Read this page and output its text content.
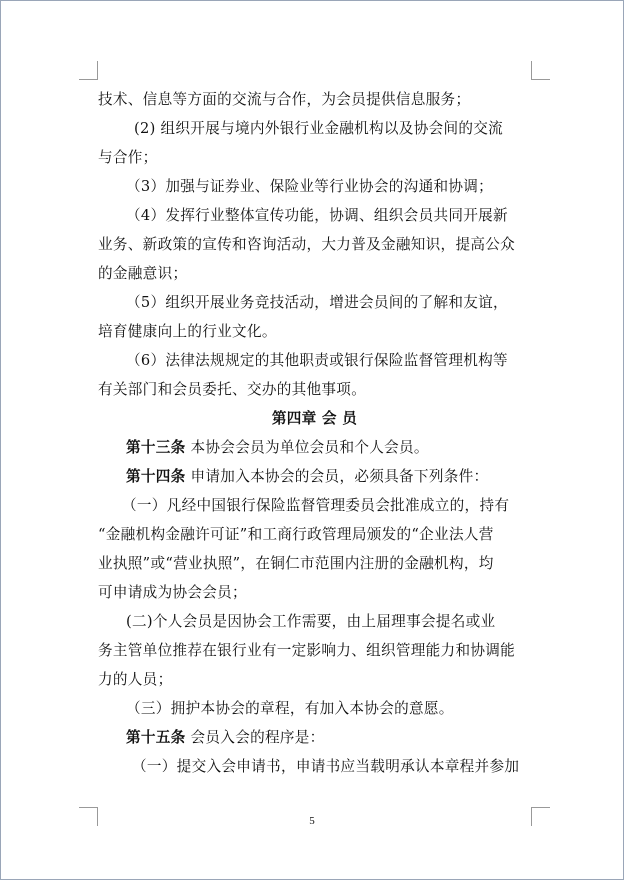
技术、信息等方面的交流与合作，为会员提供信息服务；

(2) 组织开展与境内外银行业金融机构以及协会间的交流

与合作；

（3）加强与证券业、保险业等行业协会的沟通和协调；

（4）发挥行业整体宣传功能，协调、组织会员共同开展新

业务、新政策的宣传和咨询活动，大力普及金融知识，提高公众

的金融意识；

（5）组织开展业务竞技活动，增进会员间的了解和友谊，

培育健康向上的行业文化。

（6）法律法规规定的其他职责或银行保险监督管理机构等

有关部门和会员委托、交办的其他事项。

第四章 会 员

第十三条 本协会会员为单位会员和个人会员。

第十四条 申请加入本协会的会员，必须具备下列条件：

（一）凡经中国银行保险监督管理委员会批准成立的，持有

“金融机构金融许可证”和工商行政管理局颁发的“企业法人营

业执照”或“营业执照”，在铜仁市范围内注册的金融机构，均

可申请成为协会会员；

(二)个人会员是因协会工作需要，由上届理事会提名或业

务主管单位推荐在银行业有一定影响力、组织管理能力和协调能

力的人员；

（三）拥护本协会的章程，有加入本协会的意愿。

第十五条 会员入会的程序是：

（一）提交入会申请书，申请书应当载明承认本章程并参加

5
